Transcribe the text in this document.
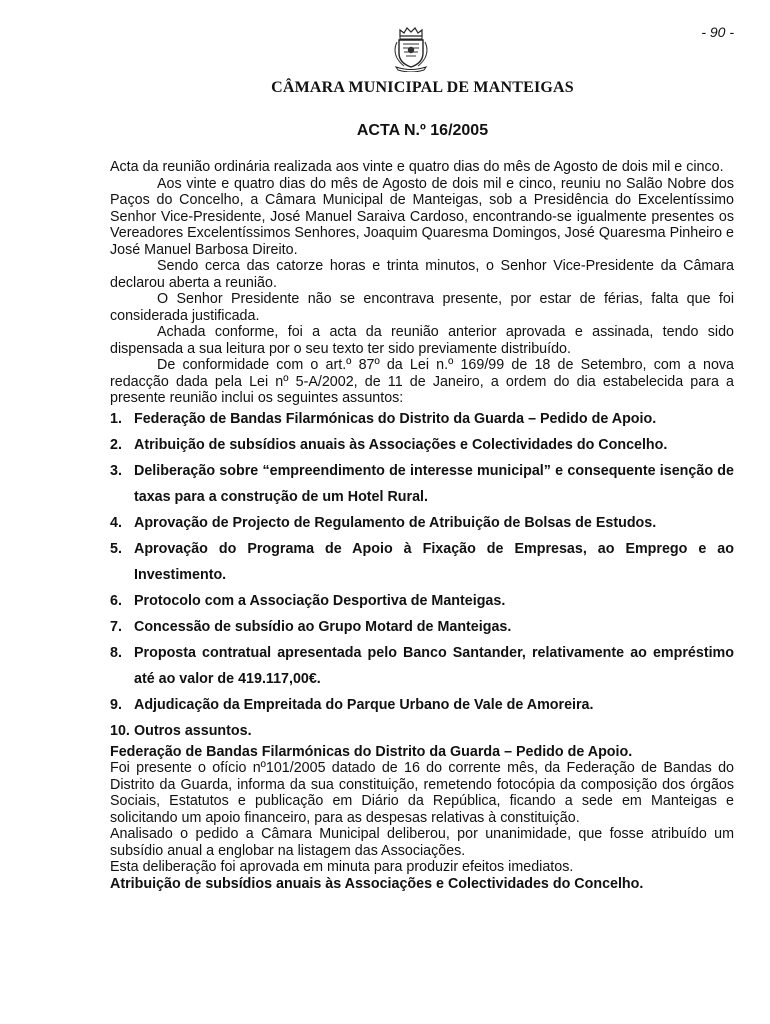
- 90 -
CÂMARA MUNICIPAL DE MANTEIGAS
ACTA N.º 16/2005

Acta da reunião ordinária realizada aos vinte e quatro dias do mês de Agosto de dois mil e cinco.

Aos vinte e quatro dias do mês de Agosto de dois mil e cinco, reuniu no Salão Nobre dos Paços do Concelho, a Câmara Municipal de Manteigas, sob a Presidência do Excelentíssimo Senhor Vice-Presidente, José Manuel Saraiva Cardoso, encontrando-se igualmente presentes os Vereadores Excelentíssimos Senhores, Joaquim Quaresma Domingos, José Quaresma Pinheiro e José Manuel Barbosa Direito.

Sendo cerca das catorze horas e trinta minutos, o Senhor Vice-Presidente da Câmara declarou aberta a reunião.

O Senhor Presidente não se encontrava presente, por estar de férias, falta que foi considerada justificada.

Achada conforme, foi a acta da reunião anterior aprovada e assinada, tendo sido dispensada a sua leitura por o seu texto ter sido previamente distribuído.

De conformidade com o art.º 87º da Lei n.º 169/99 de 18 de Setembro, com a nova redacção dada pela Lei nº 5-A/2002, de 11 de Janeiro, a ordem do dia estabelecida para a presente reunião inclui os seguintes assuntos:

1. Federação de Bandas Filarmónicas do Distrito da Guarda – Pedido de Apoio.
2. Atribuição de subsídios anuais às Associações e Colectividades do Concelho.
3. Deliberação sobre “empreendimento de interesse municipal” e consequente isenção de taxas para a construção de um Hotel Rural.
4. Aprovação de Projecto de Regulamento de Atribuição de Bolsas de Estudos.
5. Aprovação do Programa de Apoio à Fixação de Empresas, ao Emprego e ao Investimento.
6. Protocolo com a Associação Desportiva de Manteigas.
7. Concessão de subsídio ao Grupo Motard de Manteigas.
8. Proposta contratual apresentada pelo Banco Santander, relativamente ao empréstimo até ao valor de 419.117,00€.
9. Adjudicação da Empreitada do Parque Urbano de Vale de Amoreira.
10. Outros assuntos.

Federação de Bandas Filarmónicas do Distrito da Guarda – Pedido de Apoio.

Foi presente o ofício nº101/2005 datado de 16 do corrente mês, da Federação de Bandas do Distrito da Guarda, informa da sua constituição, remetendo fotocópia da composição dos órgãos Sociais, Estatutos e publicação em Diário da República, ficando a sede em Manteigas e solicitando um apoio financeiro, para as despesas relativas à constituição.

Analisado o pedido a Câmara Municipal deliberou, por unanimidade, que fosse atribuído um subsídio anual a englobar na listagem das Associações.

Esta deliberação foi aprovada em minuta para produzir efeitos imediatos.

Atribuição de subsídios anuais às Associações e Colectividades do Concelho.
